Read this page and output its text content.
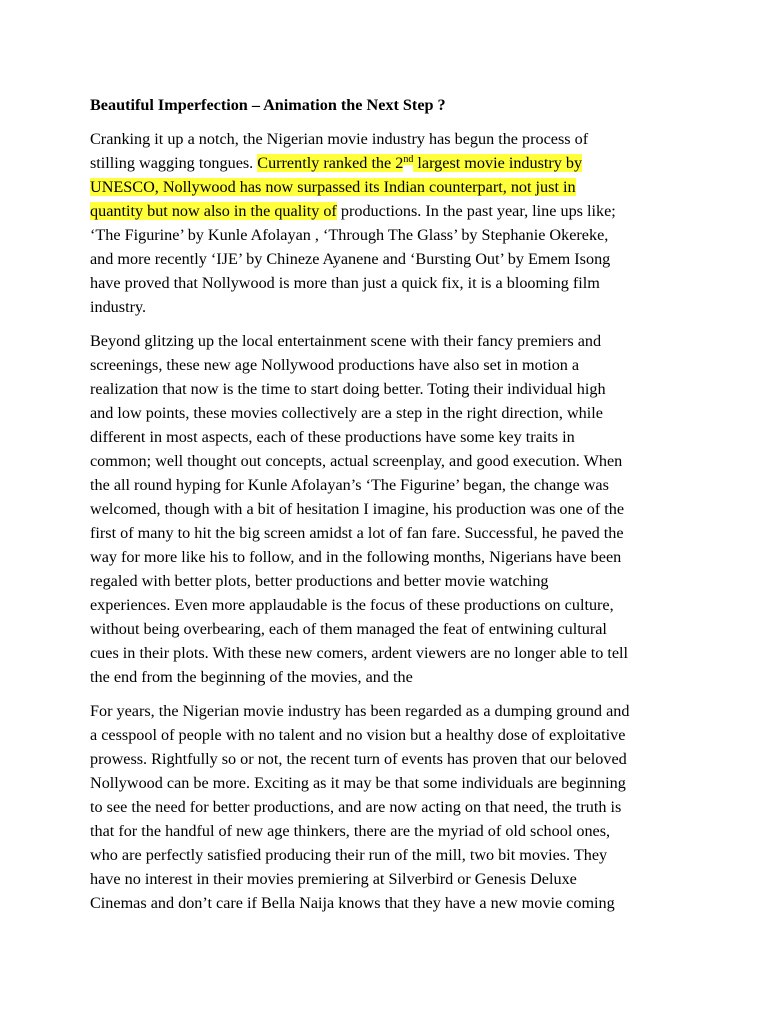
Beautiful Imperfection – Animation the Next Step ?
Cranking it up a notch, the Nigerian movie industry has begun the process of
stilling wagging tongues. Currently ranked the 2nd largest movie industry by
UNESCO, Nollywood has now surpassed its Indian counterpart, not just in
quantity but now also in the quality of productions. In the past year, line ups like;
‘The Figurine’ by Kunle Afolayan , ‘Through The Glass’ by Stephanie Okereke,
and more recently ‘IJE’ by Chineze Ayanene and ‘Bursting Out’ by Emem Isong
have proved that Nollywood is more than just a quick fix, it is a blooming film
industry.
Beyond glitzing up the local entertainment scene with their fancy premiers and
screenings, these new age Nollywood productions have also set in motion a
realization that now is the time to start doing better. Toting their individual high
and low points, these movies collectively are a step in the right direction, while
different in most aspects, each of these productions have some key traits in
common; well thought out concepts, actual screenplay, and good execution. When
the all round hyping for Kunle Afolayan’s ‘The Figurine’ began, the change was
welcomed, though with a bit of hesitation I imagine, his production was one of the
first of many to hit the big screen amidst a lot of fan fare. Successful, he paved the
way for more like his to follow, and in the following months, Nigerians have been
regaled with better plots, better productions and better movie watching
experiences. Even more applaudable is the focus of these productions on culture,
without being overbearing, each of them managed the feat of entwining cultural
cues in their plots. With these new comers, ardent viewers are no longer able to tell
the end from the beginning of the movies, and the
For years, the Nigerian movie industry has been regarded as a dumping ground and
a cesspool of people with no talent and no vision but a healthy dose of exploitative
prowess. Rightfully so or not, the recent turn of events has proven that our beloved
Nollywood can be more. Exciting as it may be that some individuals are beginning
to see the need for better productions, and are now acting on that need, the truth is
that for the handful of new age thinkers, there are the myriad of old school ones,
who are perfectly satisfied producing their run of the mill, two bit movies. They
have no interest in their movies premiering at Silverbird or Genesis Deluxe
Cinemas and don’t care if Bella Naija knows that they have a new movie coming
